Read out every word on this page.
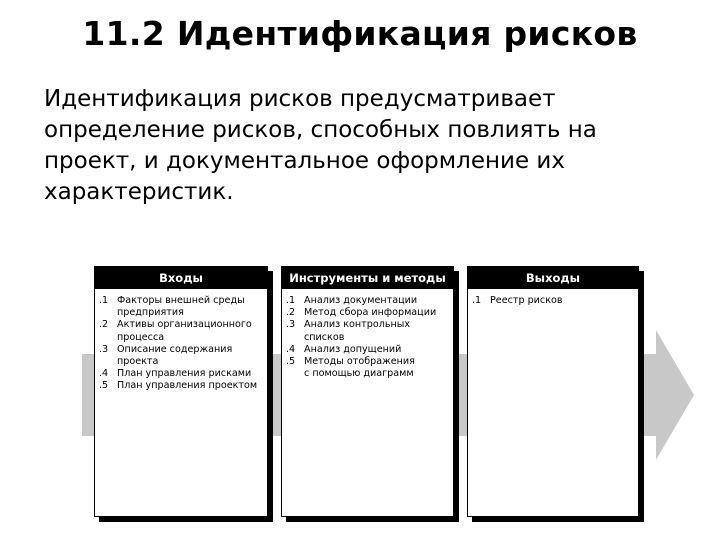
11.2 Идентификация рисков

Идентификация рисков предусматривает определение рисков, способных повлиять на проект, и документальное оформление их характеристик.

Входы
.1 Факторы внешней среды
предприятия
.2 Активы организационного
процесса
.3 Описание содержания
проекта
.4 План управления рисками
.5 План управления проектом
Инструменты и методы
.1 Анализ документации
.2 Метод сбора информации
.3 Анализ контрольных
списков
.4 Анализ допущений
.5 Методы отображения
с помощью диаграмм
Выходы
.1 Реестр рисков
